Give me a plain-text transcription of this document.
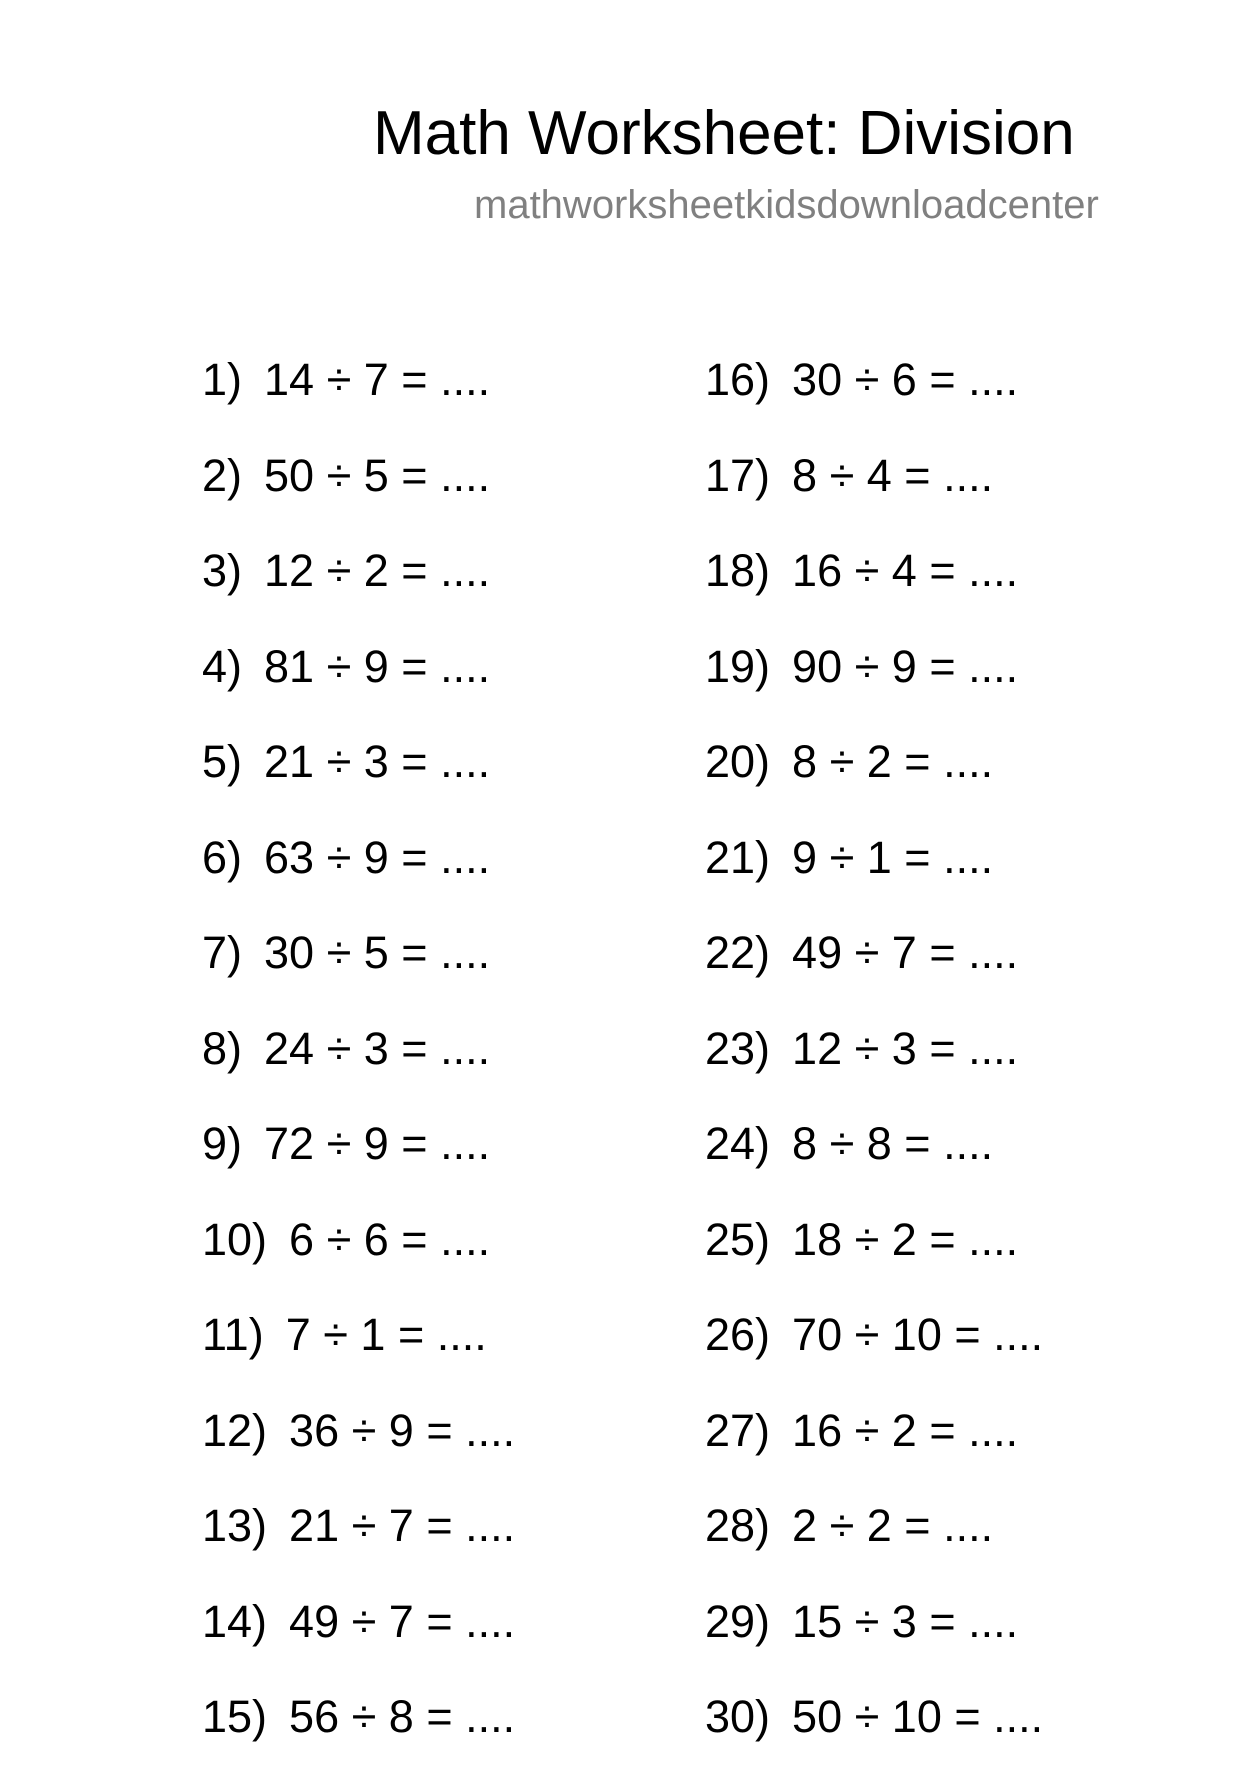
Math Worksheet: Division
mathworksheetkidsdownloadcenter
1) 14 ÷ 7 = ....
2) 50 ÷ 5 = ....
3) 12 ÷ 2 = ....
4) 81 ÷ 9 = ....
5) 21 ÷ 3 = ....
6) 63 ÷ 9 = ....
7) 30 ÷ 5 = ....
8) 24 ÷ 3 = ....
9) 72 ÷ 9 = ....
10) 6 ÷ 6 = ....
11) 7 ÷ 1 = ....
12) 36 ÷ 9 = ....
13) 21 ÷ 7 = ....
14) 49 ÷ 7 = ....
15) 56 ÷ 8 = ....
16) 30 ÷ 6 = ....
17) 8 ÷ 4 = ....
18) 16 ÷ 4 = ....
19) 90 ÷ 9 = ....
20) 8 ÷ 2 = ....
21) 9 ÷ 1 = ....
22) 49 ÷ 7 = ....
23) 12 ÷ 3 = ....
24) 8 ÷ 8 = ....
25) 18 ÷ 2 = ....
26) 70 ÷ 10 = ....
27) 16 ÷ 2 = ....
28) 2 ÷ 2 = ....
29) 15 ÷ 3 = ....
30) 50 ÷ 10 = ....
